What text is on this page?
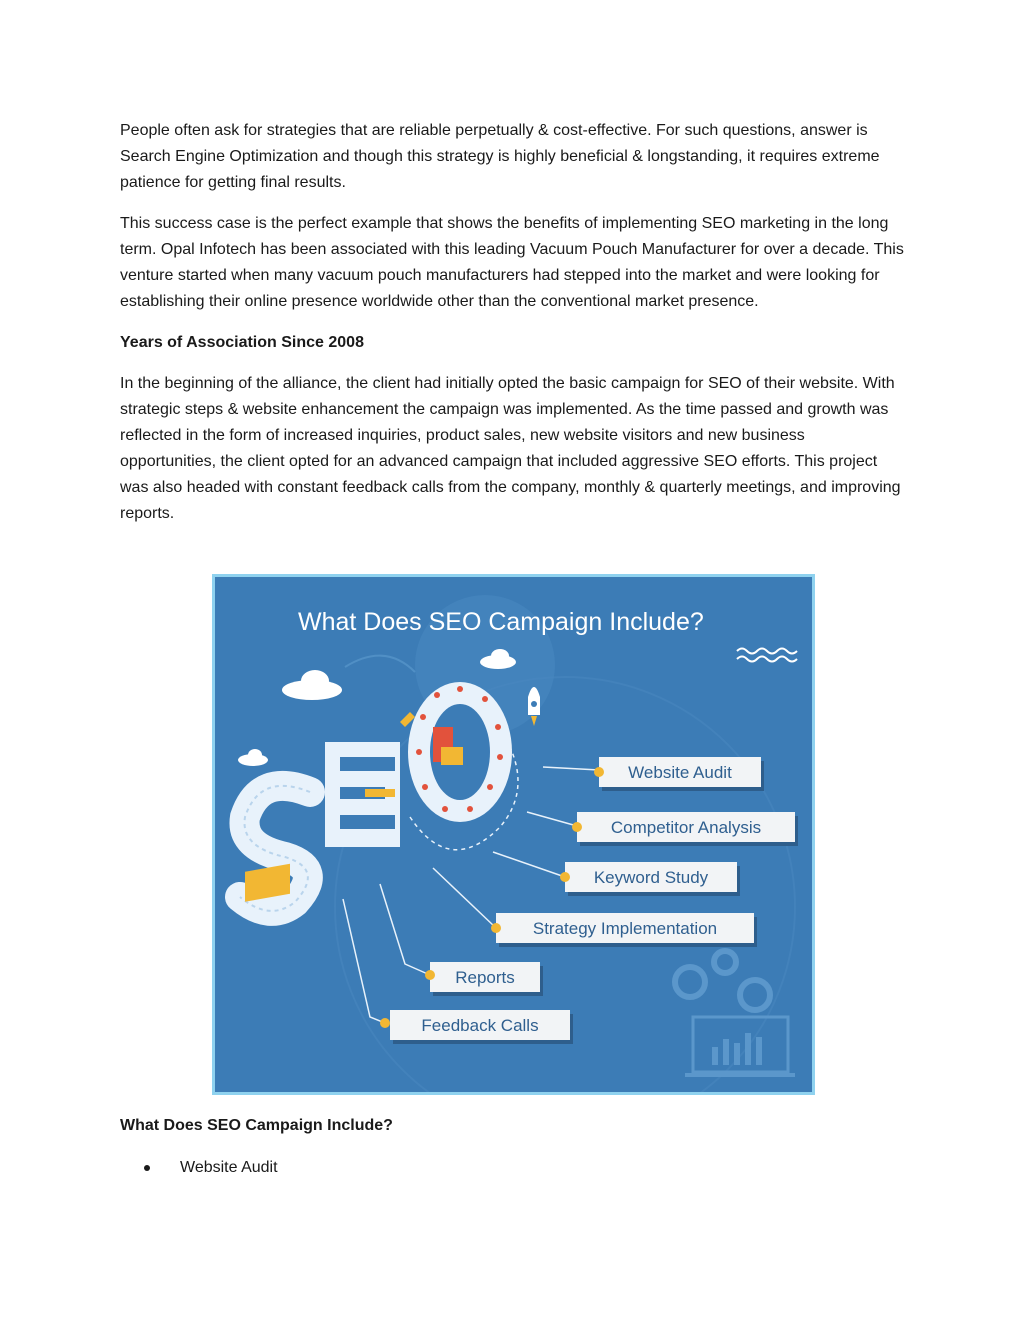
People often ask for strategies that are reliable perpetually & cost-effective. For such questions, answer is Search Engine Optimization and though this strategy is highly beneficial & longstanding, it requires extreme patience for getting final results.

This success case is the perfect example that shows the benefits of implementing SEO marketing in the long term. Opal Infotech has been associated with this leading Vacuum Pouch Manufacturer for over a decade. This venture started when many vacuum pouch manufacturers had stepped into the market and were looking for establishing their online presence worldwide other than the conventional market presence.

Years of Association Since 2008

In the beginning of the alliance, the client had initially opted the basic campaign for SEO of their website. With strategic steps & website enhancement the campaign was implemented. As the time passed and growth was reflected in the form of increased inquiries, product sales, new website visitors and new business opportunities, the client opted for an advanced campaign that included aggressive SEO efforts. This project was also headed with constant feedback calls from the company, monthly & quarterly meetings, and improving reports.

What Does SEO Campaign Include?
Website Audit
Competitor Analysis
Keyword Study
Strategy Implementation
Reports
Feedback Calls

What Does SEO Campaign Include?

Website Audit
